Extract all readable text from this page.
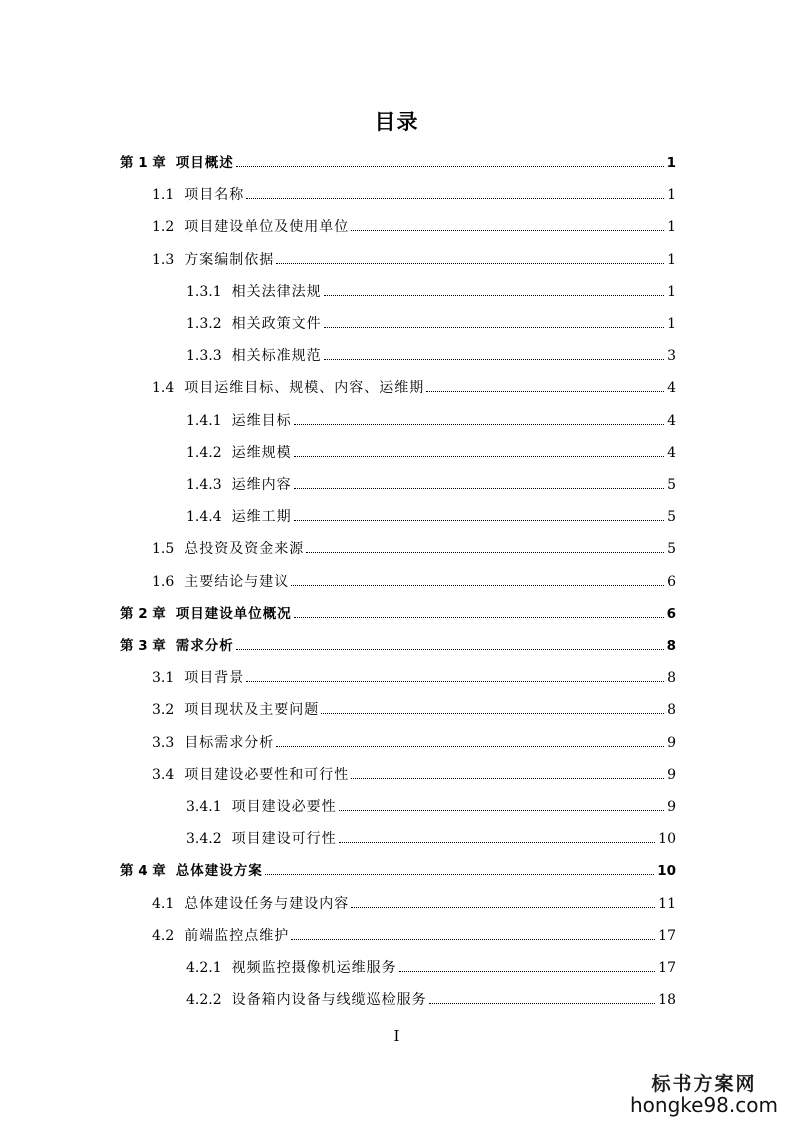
目录
第 1 章 项目概述	1
1.1 项目名称	1
1.2 项目建设单位及使用单位	1
1.3 方案编制依据	1
1.3.1 相关法律法规	1
1.3.2 相关政策文件	1
1.3.3 相关标准规范	3
1.4 项目运维目标、规模、内容、运维期	4
1.4.1 运维目标	4
1.4.2 运维规模	4
1.4.3 运维内容	5
1.4.4 运维工期	5
1.5 总投资及资金来源	5
1.6 主要结论与建议	6
第 2 章 项目建设单位概况	6
第 3 章 需求分析	8
3.1 项目背景	8
3.2 项目现状及主要问题	8
3.3 目标需求分析	9
3.4 项目建设必要性和可行性	9
3.4.1 项目建设必要性	9
3.4.2 项目建设可行性	10
第 4 章 总体建设方案	10
4.1 总体建设任务与建设内容	11
4.2 前端监控点维护	17
4.2.1 视频监控摄像机运维服务	17
4.2.2 设备箱内设备与线缆巡检服务	18
I
标书方案网
hongke98.com
